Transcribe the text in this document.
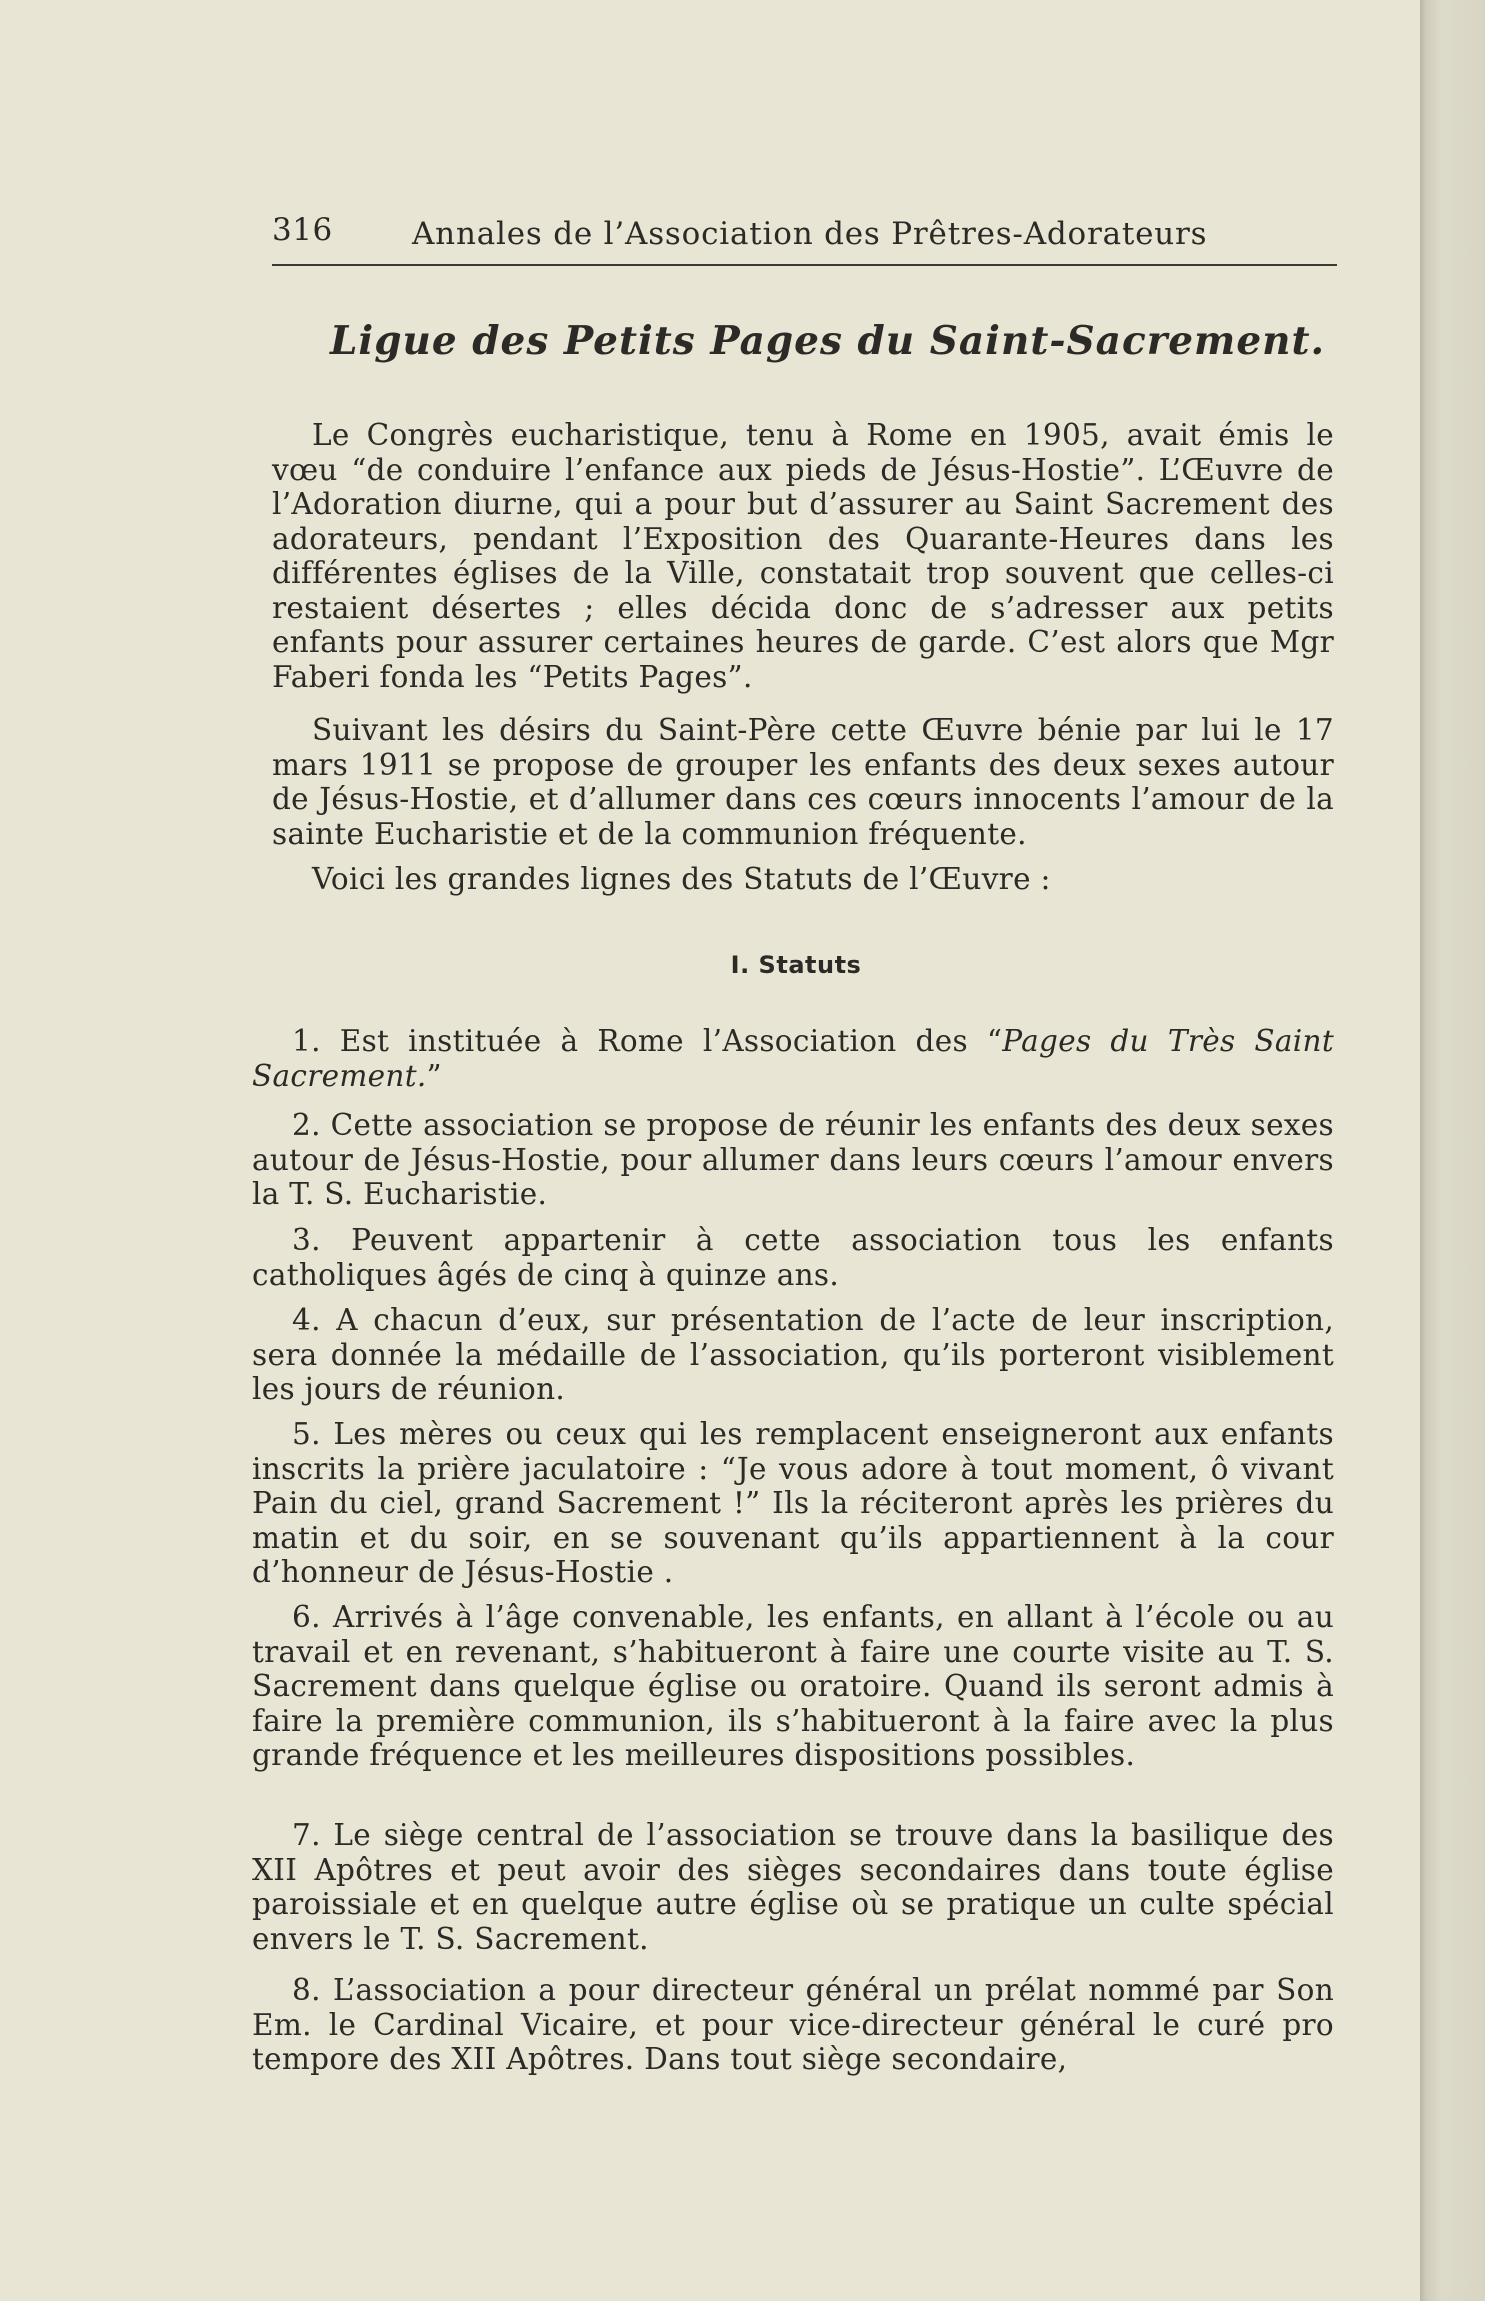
316	Annales de l’Association des Prêtres-Adorateurs
Ligue des Petits Pages du Saint-Sacrement.

Le Congrès eucharistique, tenu à Rome en 1905, avait émis le vœu “de conduire l’enfance aux pieds de Jésus-Hostie”. L’Œuvre de l’Adoration diurne, qui a pour but d’assurer au Saint Sacrement des adorateurs, pendant l’Exposition des Quarante-Heures dans les différentes églises de la Ville, constatait trop souvent que celles-ci restaient désertes ; elles décida donc de s’adresser aux petits enfants pour assurer certaines heures de garde. C’est alors que Mgr Faberi fonda les “Petits Pages”.

Suivant les désirs du Saint-Père cette Œuvre bénie par lui le 17 mars 1911 se propose de grouper les enfants des deux sexes autour de Jésus-Hostie, et d’allumer dans ces cœurs innocents l’amour de la sainte Eucharistie et de la communion fréquente.

Voici les grandes lignes des Statuts de l’Œuvre :

I. Statuts

1. Est instituée à Rome l’Association des “Pages du Très Saint Sacrement.”

2. Cette association se propose de réunir les enfants des deux sexes autour de Jésus-Hostie, pour allumer dans leurs cœurs l’amour envers la T. S. Eucharistie.

3. Peuvent appartenir à cette association tous les enfants catholiques âgés de cinq à quinze ans.

4. A chacun d’eux, sur présentation de l’acte de leur inscription, sera donnée la médaille de l’association, qu’ils porteront visiblement les jours de réunion.

5. Les mères ou ceux qui les remplacent enseigneront aux enfants inscrits la prière jaculatoire : “Je vous adore à tout moment, ô vivant Pain du ciel, grand Sacrement !” Ils la réciteront après les prières du matin et du soir, en se souvenant qu’ils appartiennent à la cour d’honneur de Jésus-Hostie .

6. Arrivés à l’âge convenable, les enfants, en allant à l’école ou au travail et en revenant, s’habitueront à faire une courte visite au T. S. Sacrement dans quelque église ou oratoire. Quand ils seront admis à faire la première communion, ils s’habitueront à la faire avec la plus grande fréquence et les meilleures dispositions possibles.

7. Le siège central de l’association se trouve dans la basilique des XII Apôtres et peut avoir des sièges secondaires dans toute église paroissiale et en quelque autre église où se pratique un culte spécial envers le T. S. Sacrement.

8. L’association a pour directeur général un prélat nommé par Son Em. le Cardinal Vicaire, et pour vice-directeur général le curé pro tempore des XII Apôtres. Dans tout siège secondaire,
